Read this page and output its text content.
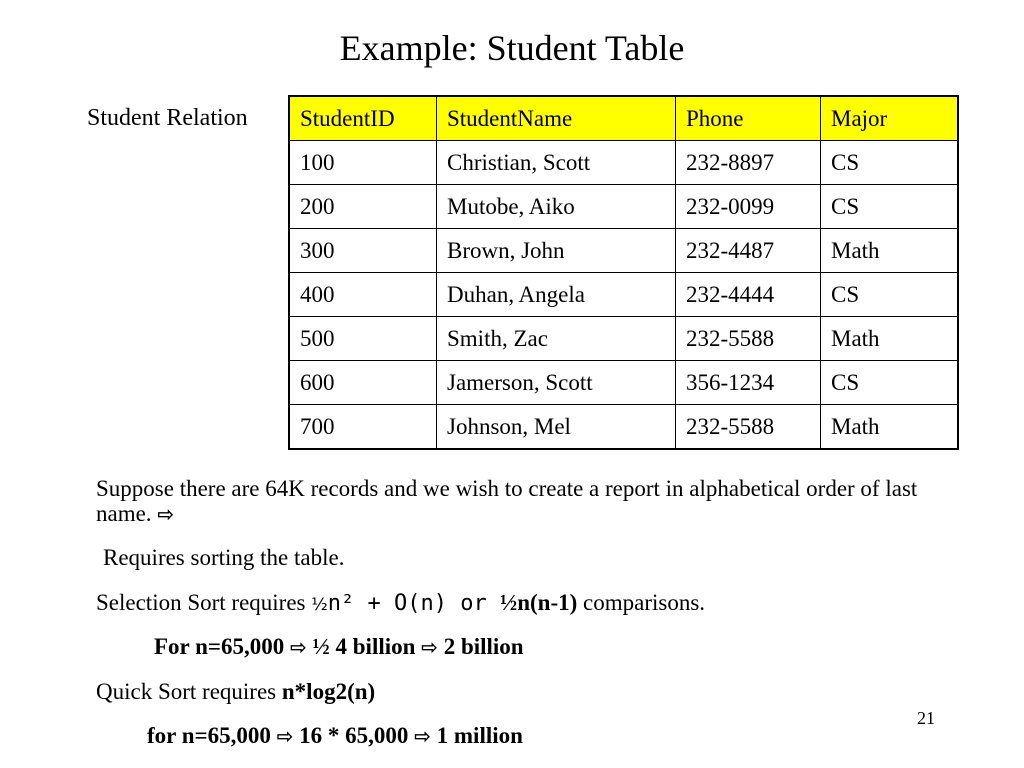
Example: Student Table
Student Relation StudentID	StudentName	Phone	Major
100	Christian, Scott	232-8897	CS
200	Mutobe, Aiko	232-0099	CS
300	Brown, John	232-4487	Math
400	Duhan, Angela	232-4444	CS
500	Smith, Zac	232-5588	Math
600	Jamerson, Scott	356-1234	CS
700	Johnson, Mel	232-5588	Math
Suppose there are 64K records and we wish to create a report in alphabetical order of last name. ⇨
Requires sorting the table.
Selection Sort requires ½n² + O(n) or ½n(n-1) comparisons.
For n=65,000 ⇨ ½ 4 billion ⇨ 2 billion
Quick Sort requires n*log2(n)
for n=65,000 ⇨ 16 * 65,000 ⇨ 1 million
21
